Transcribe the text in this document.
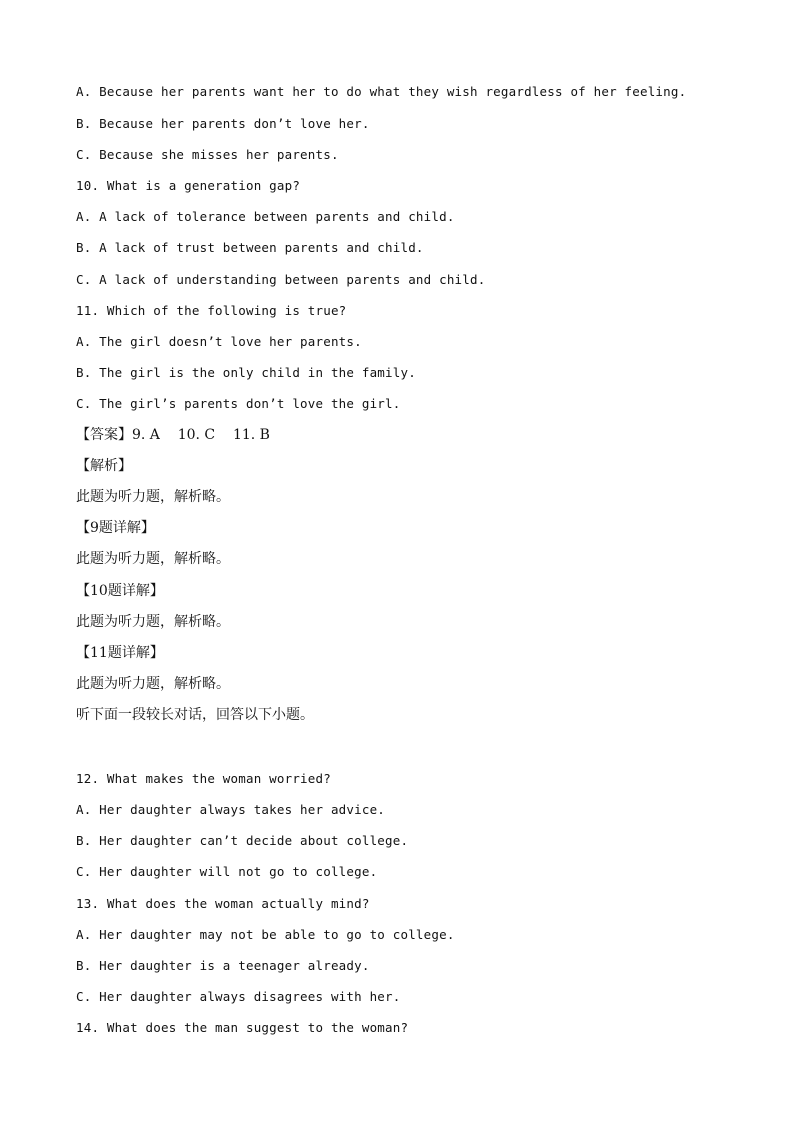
A. Because her parents want her to do what they wish regardless of her feeling.
B. Because her parents don’t love her.
C. Because she misses her parents.
10. What is a generation gap?
A. A lack of tolerance between parents and child.
B. A lack of trust between parents and child.
C. A lack of understanding between parents and child.
11. Which of the following is true?
A. The girl doesn’t love her parents.
B. The girl is the only child in the family.
C. The girl’s parents don’t love the girl.
【答案】9. A    10. C    11. B
【解析】
此题为听力题，解析略。
【9题详解】
此题为听力题，解析略。
【10题详解】
此题为听力题，解析略。
【11题详解】
此题为听力题，解析略。
听下面一段较长对话，回答以下小题。
12. What makes the woman worried?
A. Her daughter always takes her advice.
B. Her daughter can’t decide about college.
C. Her daughter will not go to college.
13. What does the woman actually mind?
A. Her daughter may not be able to go to college.
B. Her daughter is a teenager already.
C. Her daughter always disagrees with her.
14. What does the man suggest to the woman?
